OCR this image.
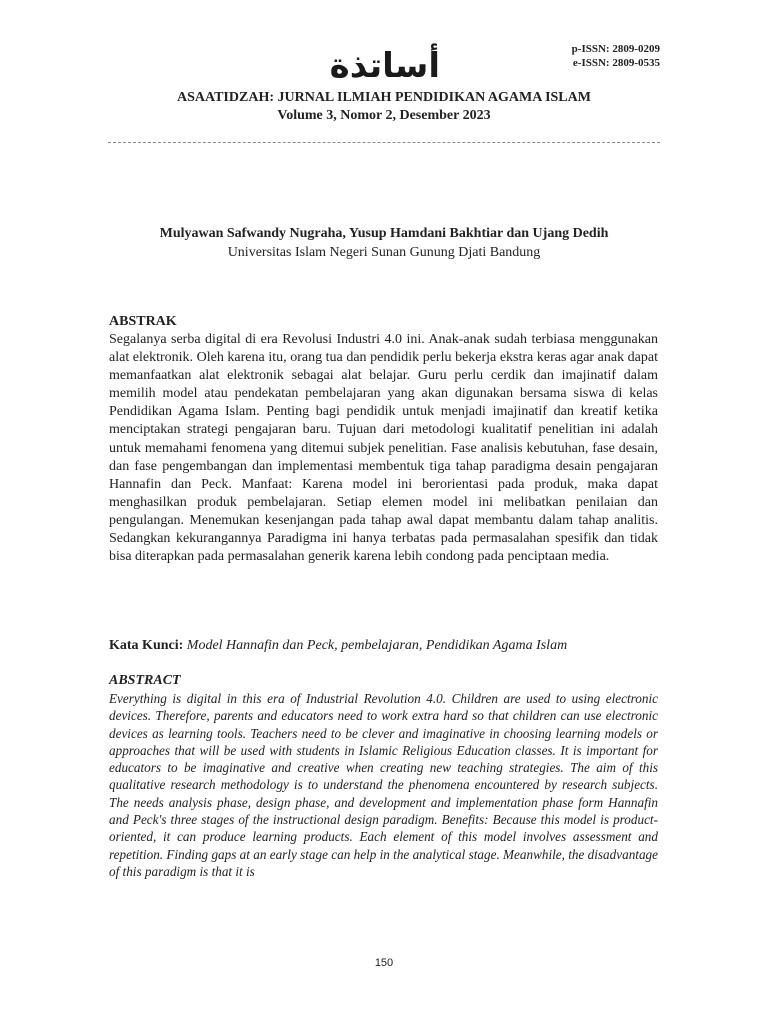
أساتذة	p-ISSN: 2809-0209
e-ISSN: 2809-0535
ASAATIDZAH: JURNAL ILMIAH PENDIDIKAN AGAMA ISLAM
Volume 3, Nomor 2, Desember 2023
Mulyawan Safwandy Nugraha, Yusup Hamdani Bakhtiar dan Ujang Dedih
Universitas Islam Negeri Sunan Gunung Djati Bandung
ABSTRAK
Segalanya serba digital di era Revolusi Industri 4.0 ini. Anak-anak sudah terbiasa menggunakan alat elektronik. Oleh karena itu, orang tua dan pendidik perlu bekerja ekstra keras agar anak dapat memanfaatkan alat elektronik sebagai alat belajar. Guru perlu cerdik dan imajinatif dalam memilih model atau pendekatan pembelajaran yang akan digunakan bersama siswa di kelas Pendidikan Agama Islam. Penting bagi pendidik untuk menjadi imajinatif dan kreatif ketika menciptakan strategi pengajaran baru. Tujuan dari metodologi kualitatif penelitian ini adalah untuk memahami fenomena yang ditemui subjek penelitian. Fase analisis kebutuhan, fase desain, dan fase pengembangan dan implementasi membentuk tiga tahap paradigma desain pengajaran Hannafin dan Peck. Manfaat: Karena model ini berorientasi pada produk, maka dapat menghasilkan produk pembelajaran. Setiap elemen model ini melibatkan penilaian dan pengulangan. Menemukan kesenjangan pada tahap awal dapat membantu dalam tahap analitis. Sedangkan kekurangannya Paradigma ini hanya terbatas pada permasalahan spesifik dan tidak bisa diterapkan pada permasalahan generik karena lebih condong pada penciptaan media.
Kata Kunci: Model Hannafin dan Peck, pembelajaran, Pendidikan Agama Islam
ABSTRACT
Everything is digital in this era of Industrial Revolution 4.0. Children are used to using electronic devices. Therefore, parents and educators need to work extra hard so that children can use electronic devices as learning tools. Teachers need to be clever and imaginative in choosing learning models or approaches that will be used with students in Islamic Religious Education classes. It is important for educators to be imaginative and creative when creating new teaching strategies. The aim of this qualitative research methodology is to understand the phenomena encountered by research subjects. The needs analysis phase, design phase, and development and implementation phase form Hannafin and Peck's three stages of the instructional design paradigm. Benefits: Because this model is product-oriented, it can produce learning products. Each element of this model involves assessment and repetition. Finding gaps at an early stage can help in the analytical stage. Meanwhile, the disadvantage of this paradigm is that it is
150
